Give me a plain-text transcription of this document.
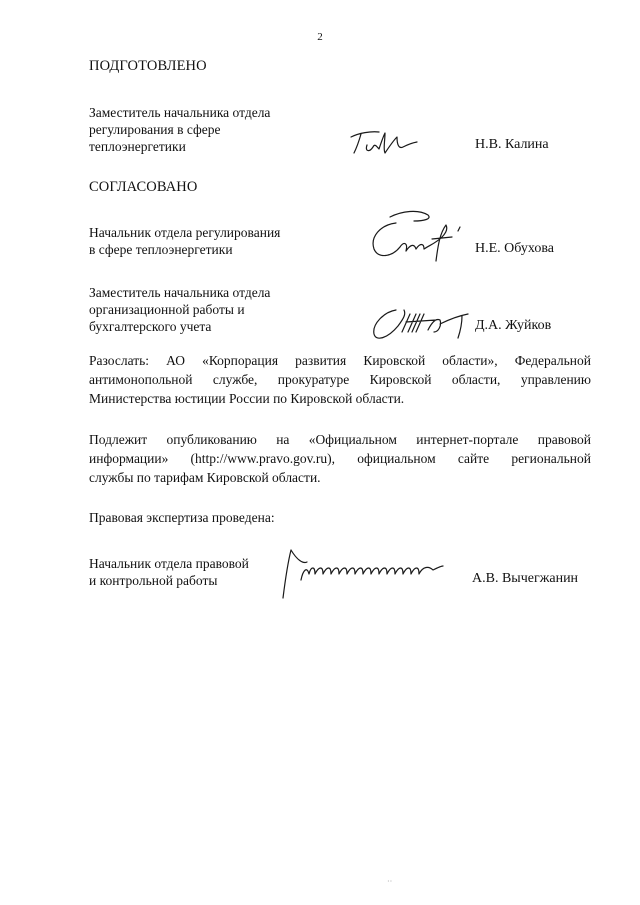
2
ПОДГОТОВЛЕНО
Заместитель начальника отдела
регулирования в сфере
теплоэнергетики	Н.В. Калина
СОГЛАСОВАНО
Начальник отдела регулирования
в сфере теплоэнергетики	Н.Е. Обухова
Заместитель начальника отдела
организационной работы и
бухгалтерского учета	Д.А. Жуйков
Разослать: АО «Корпорация развития Кировской области», Федеральной
антимонопольной службе, прокуратуре Кировской области, управлению
Министерства юстиции России по Кировской области.
Подлежит опубликованию на «Официальном интернет-портале правовой
информации» (http://www.pravo.gov.ru), официальном сайте региональной
службы по тарифам Кировской области.
Правовая экспертиза проведена:
Начальник отдела правовой
и контрольной работы	А.В. Вычегжанин
··
